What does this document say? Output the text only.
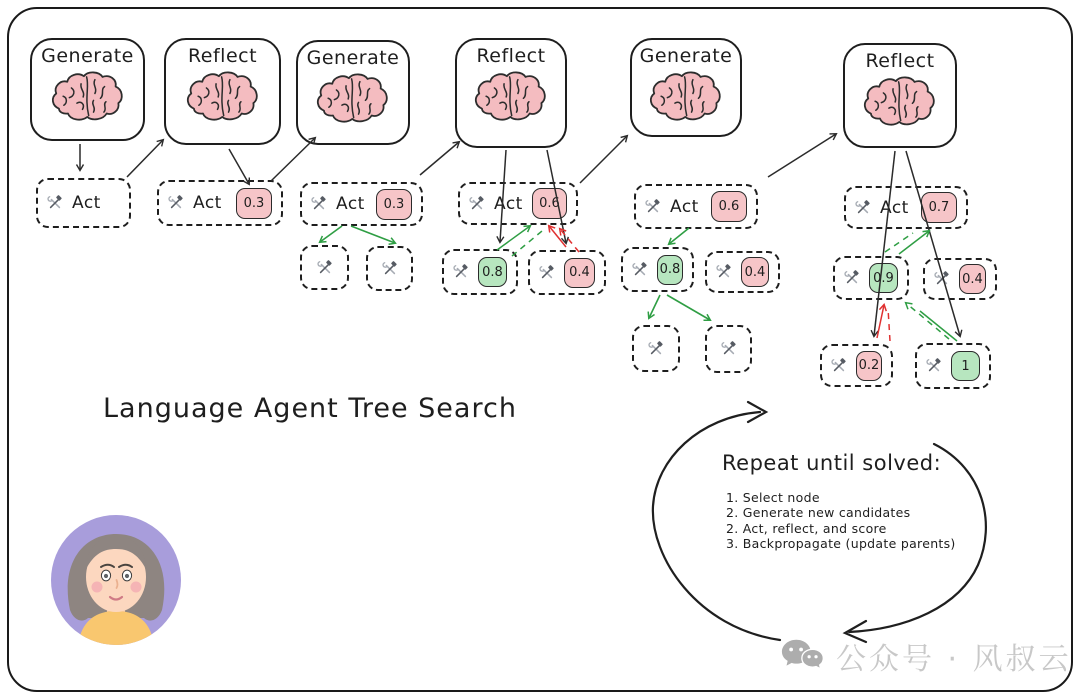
Generate
Act
Reflect
Act	0.3
Generate
Act	0.3
Reflect
Act	0.6
0.8	0.4
Generate
Act	0.6
0.8	0.4
Reflect
Act	0.7
0.9	0.4
0.2	1
Language Agent Tree Search
Repeat until solved:
1. Select node
2. Generate new candidates
2. Act, reflect, and score
3. Backpropagate (update parents)
公众号 · 风叔云
